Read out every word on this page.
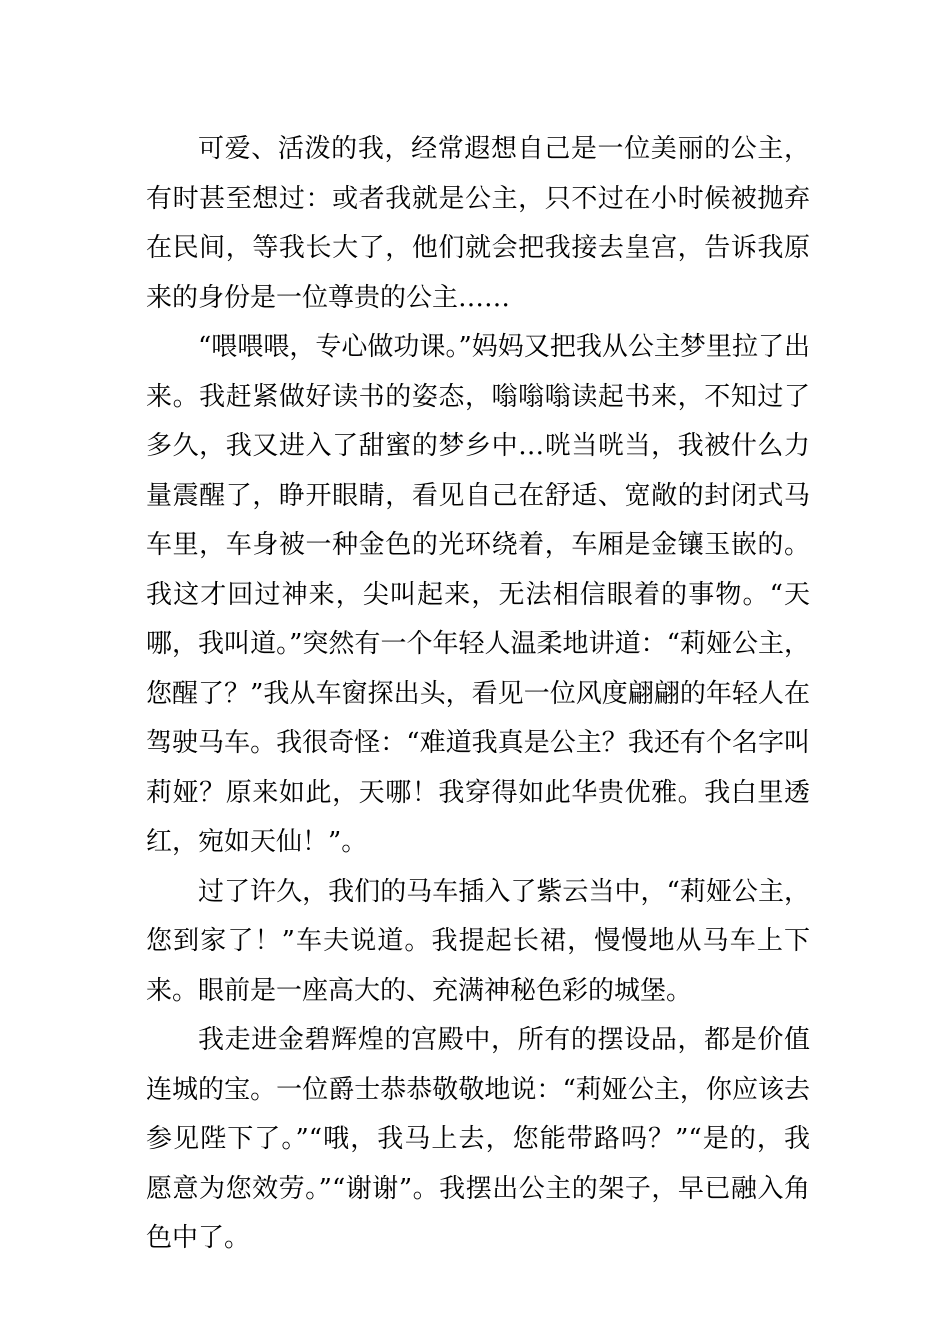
可爱、活泼的我，经常遐想自己是一位美丽的公主，有时甚至想过：或者我就是公主，只不过在小时候被抛弃在民间，等我长大了，他们就会把我接去皇宫，告诉我原来的身份是一位尊贵的公主……

“喂喂喂，专心做功课。”妈妈又把我从公主梦里拉了出来。我赶紧做好读书的姿态，嗡嗡嗡读起书来，不知过了多久，我又进入了甜蜜的梦乡中…咣当咣当，我被什么力量震醒了，睁开眼睛，看见自己在舒适、宽敞的封闭式马车里，车身被一种金色的光环绕着，车厢是金镶玉嵌的。我这才回过神来，尖叫起来，无法相信眼着的事物。“天哪，我叫道。”突然有一个年轻人温柔地讲道：“莉娅公主，您醒了？”我从车窗探出头，看见一位风度翩翩的年轻人在驾驶马车。我很奇怪：“难道我真是公主？我还有个名字叫莉娅？原来如此，天哪！我穿得如此华贵优雅。我白里透红，宛如天仙！”。

过了许久，我们的马车插入了紫云当中，“莉娅公主，您到家了！”车夫说道。我提起长裙，慢慢地从马车上下来。眼前是一座高大的、充满神秘色彩的城堡。

我走进金碧辉煌的宫殿中，所有的摆设品，都是价值连城的宝。一位爵士恭恭敬敬地说：“莉娅公主，你应该去参见陛下了。”“哦，我马上去，您能带路吗？”“是的，我愿意为您效劳。”“谢谢”。我摆出公主的架子，早已融入角色中了。
